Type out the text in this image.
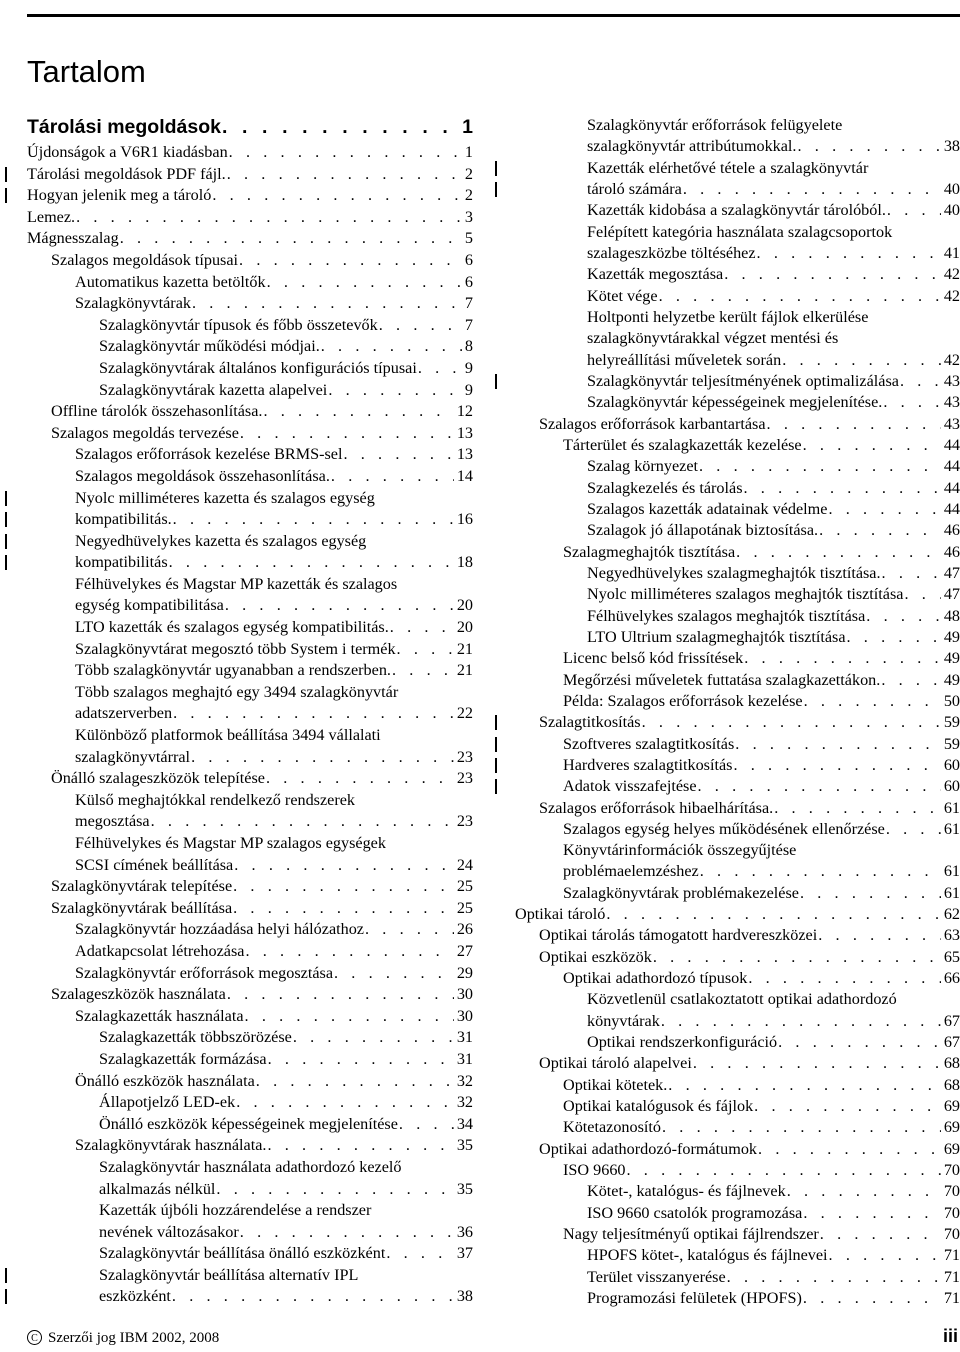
Tartalom
Tárolási megoldások . . .	1
Újdonságok a V6R1 kiadásban . . .	1
Tárolási megoldások PDF fájl. . . .	2
Hogyan jelenik meg a tároló . . .	2
Lemez. . . .	3
Mágnesszalag . . .	5
Szalagos megoldások típusai . . .	6
Automatikus kazetta betöltők . . .	6
Szalagkönyvtárak . . .	7
Szalagkönyvtár típusok és főbb összetevők . . .	7
Szalagkönyvtár működési módjai. . . .	8
Szalagkönyvtárak általános konfigurációs típusai . . .	9
Szalagkönyvtárak kazetta alapelvei . . .	9
Offline tárolók összehasonlítása. . . .	12
Szalagos megoldás tervezése . . .	13
Szalagos erőforrások kezelése BRMS-sel . . .	13
Szalagos megoldások összehasonlítása. . . .	14
Nyolc milliméteres kazetta és szalagos egység
kompatibilitás. . . .	16
Negyedhüvelykes kazetta és szalagos egység
kompatibilitás . . .	18
Félhüvelykes és Magstar MP kazetták és szalagos
egység kompatibilitása . . .	20
LTO kazetták és szalagos egység kompatibilitás. . . .	20
Szalagkönyvtárat megosztó több System i termék . . .	21
Több szalagkönyvtár ugyanabban a rendszerben. . . .	21
Több szalagos meghajtó egy 3494 szalagkönyvtár
adatszerverben . . .	22
Különböző platformok beállítása 3494 vállalati
szalagkönyvtárral . . .	23
Önálló szalageszközök telepítése . . .	23
Külső meghajtókkal rendelkező rendszerek
megosztása . . .	23
Félhüvelykes és Magstar MP szalagos egységek
SCSI címének beállítása . . .	24
Szalagkönyvtárak telepítése . . .	25
Szalagkönyvtárak beállítása . . .	25
Szalagkönyvtár hozzáadása helyi hálózathoz . . .	26
Adatkapcsolat létrehozása . . .	27
Szalagkönyvtár erőforrások megosztása . . .	29
Szalageszközök használata . . .	30
Szalagkazetták használata . . .	30
Szalagkazetták többszörözése . . .	31
Szalagkazetták formázása . . .	31
Önálló eszközök használata . . .	32
Állapotjelző LED-ek . . .	32
Önálló eszközök képességeinek megjelenítése . . .	34
Szalagkönyvtárak használata. . . .	35
Szalagkönyvtár használata adathordozó kezelő
alkalmazás nélkül . . .	35
Kazetták újbóli hozzárendelése a rendszer
nevének változásakor . . .	36
Szalagkönyvtár beállítása önálló eszközként . . .	37
Szalagkönyvtár beállítása alternatív IPL
eszközként . . .	38
Szalagkönyvtár erőforrások felügyelete
szalagkönyvtár attribútumokkal. . . .	38
Kazetták elérhetővé tétele a szalagkönyvtár
tároló számára . . .	40
Kazetták kidobása a szalagkönyvtár tárolóból. . . .	40
Felépített kategória használata szalagcsoportok
szalageszközbe töltéséhez . . .	41
Kazetták megosztása . . .	42
Kötet vége . . .	42
Holtponti helyzetbe került fájlok elkerülése
szalagkönyvtárakkal végzet mentési és
helyreállítási műveletek során . . .	42
Szalagkönyvtár teljesítményének optimalizálása . . .	43
Szalagkönyvtár képességeinek megjelenítése. . . .	43
Szalagos erőforrások karbantartása . . .	43
Tárterület és szalagkazetták kezelése . . .	44
Szalag környezet . . .	44
Szalagkezelés és tárolás . . .	44
Szalagos kazetták adatainak védelme . . .	44
Szalagok jó állapotának biztosítása. . . .	46
Szalagmeghajtók tisztítása . . .	46
Negyedhüvelykes szalagmeghajtók tisztítása. . . .	47
Nyolc milliméteres szalagos meghajtók tisztítása . . . 47
Félhüvelykes szalagos meghajtók tisztítása . . .	48
LTO Ultrium szalagmeghajtók tisztítása . . .	49
Licenc belső kód frissítések . . .	49
Megőrzési műveletek futtatása szalagkazettákon. . . .	49
Példa: Szalagos erőforrások kezelése . . .	50
Szalagtitkosítás . . .	59
Szoftveres szalagtitkosítás . . .	59
Hardveres szalagtitkosítás . . .	60
Adatok visszafejtése . . .	60
Szalagos erőforrások hibaelhárítása. . . .	61
Szalagos egység helyes működésének ellenőrzése . . .	61
Könyvtárinformációk összegyűjtése
problémaelemzéshez . . .	61
Szalagkönyvtárak problémakezelése . . .	61
Optikai tároló . . .	62
Optikai tárolás támogatott hardvereszközei . . .	63
Optikai eszközök . . .	65
Optikai adathordozó típusok . . .	66
Közvetlenül csatlakoztatott optikai adathordozó
könyvtárak . . .	67
Optikai rendszerkonfiguráció . . .	67
Optikai tároló alapelvei . . .	68
Optikai kötetek. . . .	68
Optikai katalógusok és fájlok . . .	69
Kötetazonosító . . .	69
Optikai adathordozó-formátumok . . .	69
ISO 9660 . . .	70
Kötet-, katalógus- és fájlnevek . . .	70
ISO 9660 csatolók programozása . . .	70
Nagy teljesítményű optikai fájlrendszer . . .	70
HPOFS kötet-, katalógus és fájlnevei . . .	71
Terület visszanyerése . . .	71
Programozási felületek (HPOFS) . . .	71
C Szerzői jog IBM 2002, 2008	iii
